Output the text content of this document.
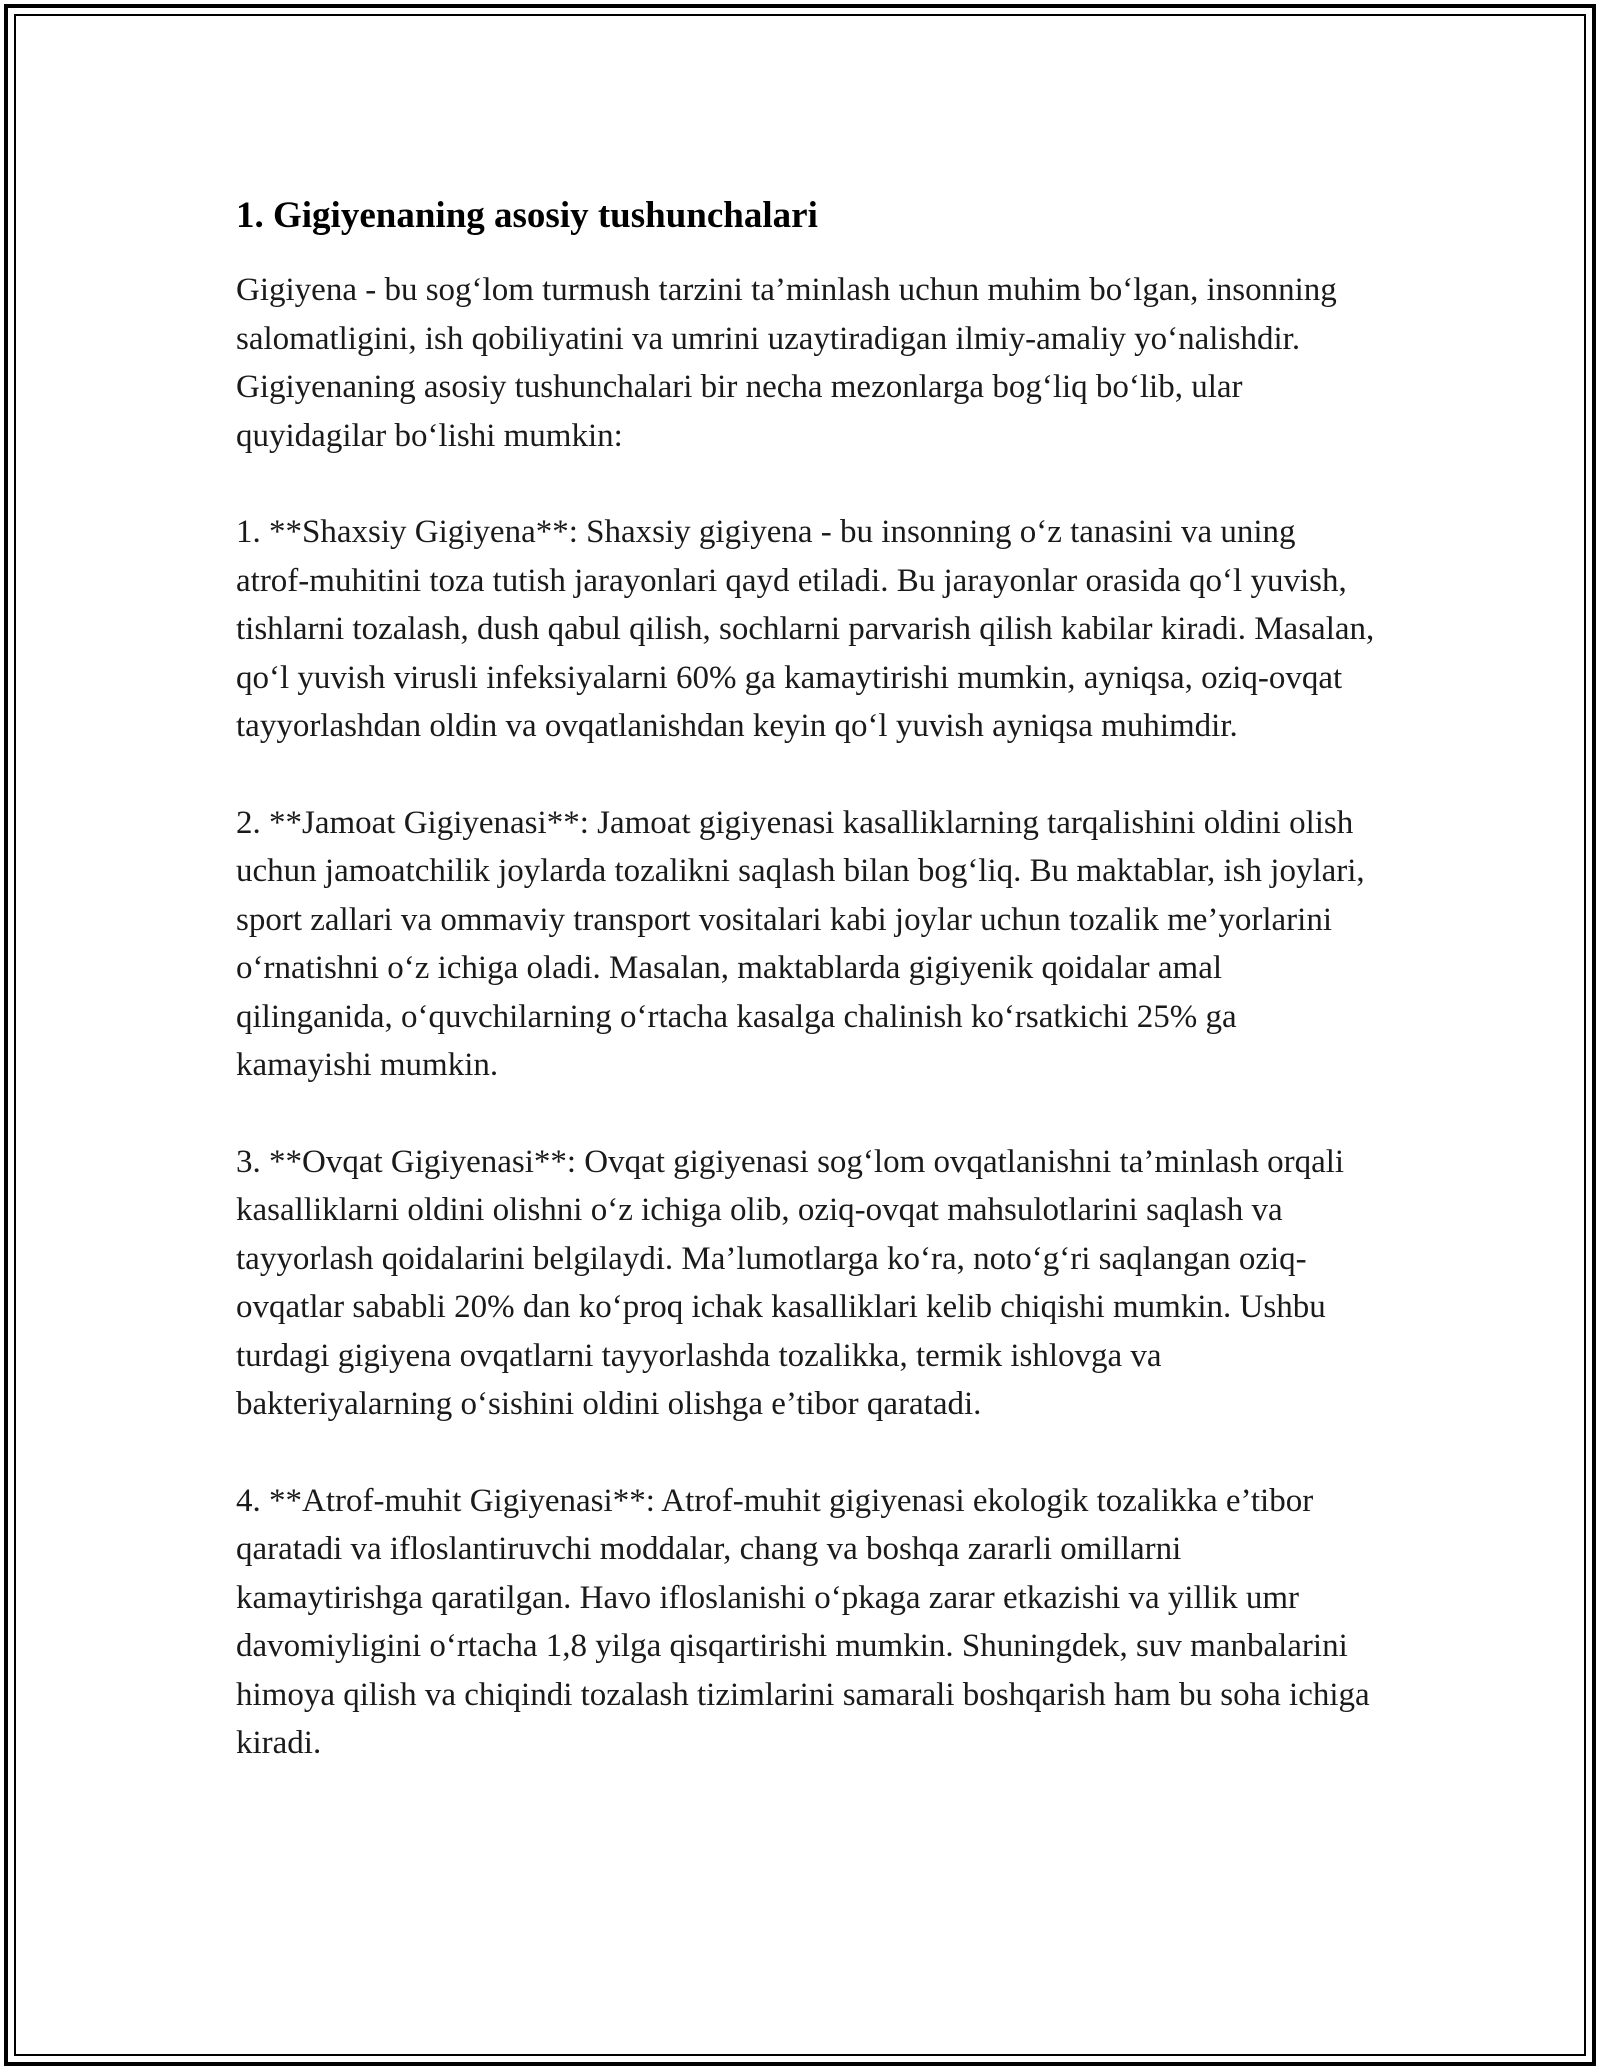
1. Gigiyenaning asosiy tushunchalari

Gigiyena - bu sog‘lom turmush tarzini ta’minlash uchun muhim bo‘lgan, insonning salomatligini, ish qobiliyatini va umrini uzaytiradigan ilmiy-amaliy yo‘nalishdir. Gigiyenaning asosiy tushunchalari bir necha mezonlarga bog‘liq bo‘lib, ular quyidagilar bo‘lishi mumkin:

1. **Shaxsiy Gigiyena**: Shaxsiy gigiyena - bu insonning o‘z tanasini va uning atrof-muhitini toza tutish jarayonlari qayd etiladi. Bu jarayonlar orasida qo‘l yuvish, tishlarni tozalash, dush qabul qilish, sochlarni parvarish qilish kabilar kiradi. Masalan, qo‘l yuvish virusli infeksiyalarni 60% ga kamaytirishi mumkin, ayniqsa, oziq-ovqat tayyorlashdan oldin va ovqatlanishdan keyin qo‘l yuvish ayniqsa muhimdir.

2. **Jamoat Gigiyenasi**: Jamoat gigiyenasi kasalliklarning tarqalishini oldini olish uchun jamoatchilik joylarda tozalikni saqlash bilan bog‘liq. Bu maktablar, ish joylari, sport zallari va ommaviy transport vositalari kabi joylar uchun tozalik me’yorlarini o‘rnatishni o‘z ichiga oladi. Masalan, maktablarda gigiyenik qoidalar amal qilinganida, o‘quvchilarning o‘rtacha kasalga chalinish ko‘rsatkichi 25% ga kamayishi mumkin.

3. **Ovqat Gigiyenasi**: Ovqat gigiyenasi sog‘lom ovqatlanishni ta’minlash orqali kasalliklarni oldini olishni o‘z ichiga olib, oziq-ovqat mahsulotlarini saqlash va tayyorlash qoidalarini belgilaydi. Ma’lumotlarga ko‘ra, noto‘g‘ri saqlangan oziq-ovqatlar sababli 20% dan ko‘proq ichak kasalliklari kelib chiqishi mumkin. Ushbu turdagi gigiyena ovqatlarni tayyorlashda tozalikka, termik ishlovga va bakteriyalarning o‘sishini oldini olishga e’tibor qaratadi.

4. **Atrof-muhit Gigiyenasi**: Atrof-muhit gigiyenasi ekologik tozalikka e’tibor qaratadi va ifloslantiruvchi moddalar, chang va boshqa zararli omillarni kamaytirishga qaratilgan. Havo ifloslanishi o‘pkaga zarar etkazishi va yillik umr davomiyligini o‘rtacha 1,8 yilga qisqartirishi mumkin. Shuningdek, suv manbalarini himoya qilish va chiqindi tozalash tizimlarini samarali boshqarish ham bu soha ichiga kiradi.
